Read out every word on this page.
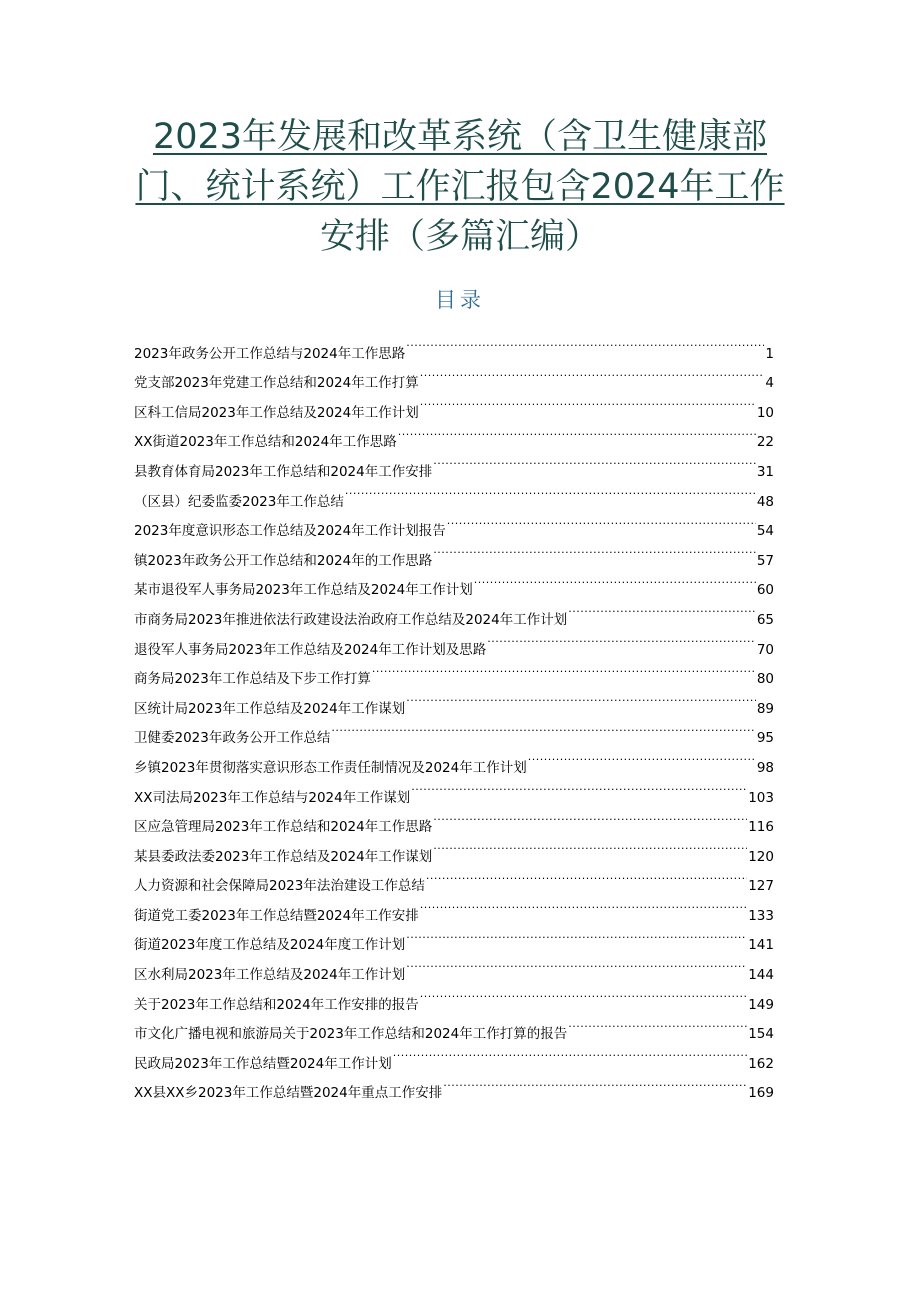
2023年发展和改革系统（含卫生健康部
门、统计系统）工作汇报包含2024年工作
安排（多篇汇编）
目录
2023年政务公开工作总结与2024年工作思路 .....	1
党支部2023年党建工作总结和2024年工作打算 .....	4
区科工信局2023年工作总结及2024年工作计划 .....	10
XX街道2023年工作总结和2024年工作思路 .....	22
县教育体育局2023年工作总结和2024年工作安排 .....	31
（区县）纪委监委2023年工作总结 .....	48
2023年度意识形态工作总结及2024年工作计划报告 .....	54
镇2023年政务公开工作总结和2024年的工作思路 .....	57
某市退役军人事务局2023年工作总结及2024年工作计划 .....	60
市商务局2023年推进依法行政建设法治政府工作总结及2024年工作计划 .....	65
退役军人事务局2023年工作总结及2024年工作计划及思路 .....	70
商务局2023年工作总结及下步工作打算 .....	80
区统计局2023年工作总结及2024年工作谋划 .....	89
卫健委2023年政务公开工作总结 .....	95
乡镇2023年贯彻落实意识形态工作责任制情况及2024年工作计划 .....	98
XX司法局2023年工作总结与2024年工作谋划 .....	103
区应急管理局2023年工作总结和2024年工作思路 .....	116
某县委政法委2023年工作总结及2024年工作谋划 .....	120
人力资源和社会保障局2023年法治建设工作总结 .....	127
街道党工委2023年工作总结暨2024年工作安排 .....	133
街道2023年度工作总结及2024年度工作计划 .....	141
区水利局2023年工作总结及2024年工作计划 .....	144
关于2023年工作总结和2024年工作安排的报告 .....	149
市文化广播电视和旅游局关于2023年工作总结和2024年工作打算的报告 .....	154
民政局2023年工作总结暨2024年工作计划 .....	162
XX县XX乡2023年工作总结暨2024年重点工作安排 .....	169
